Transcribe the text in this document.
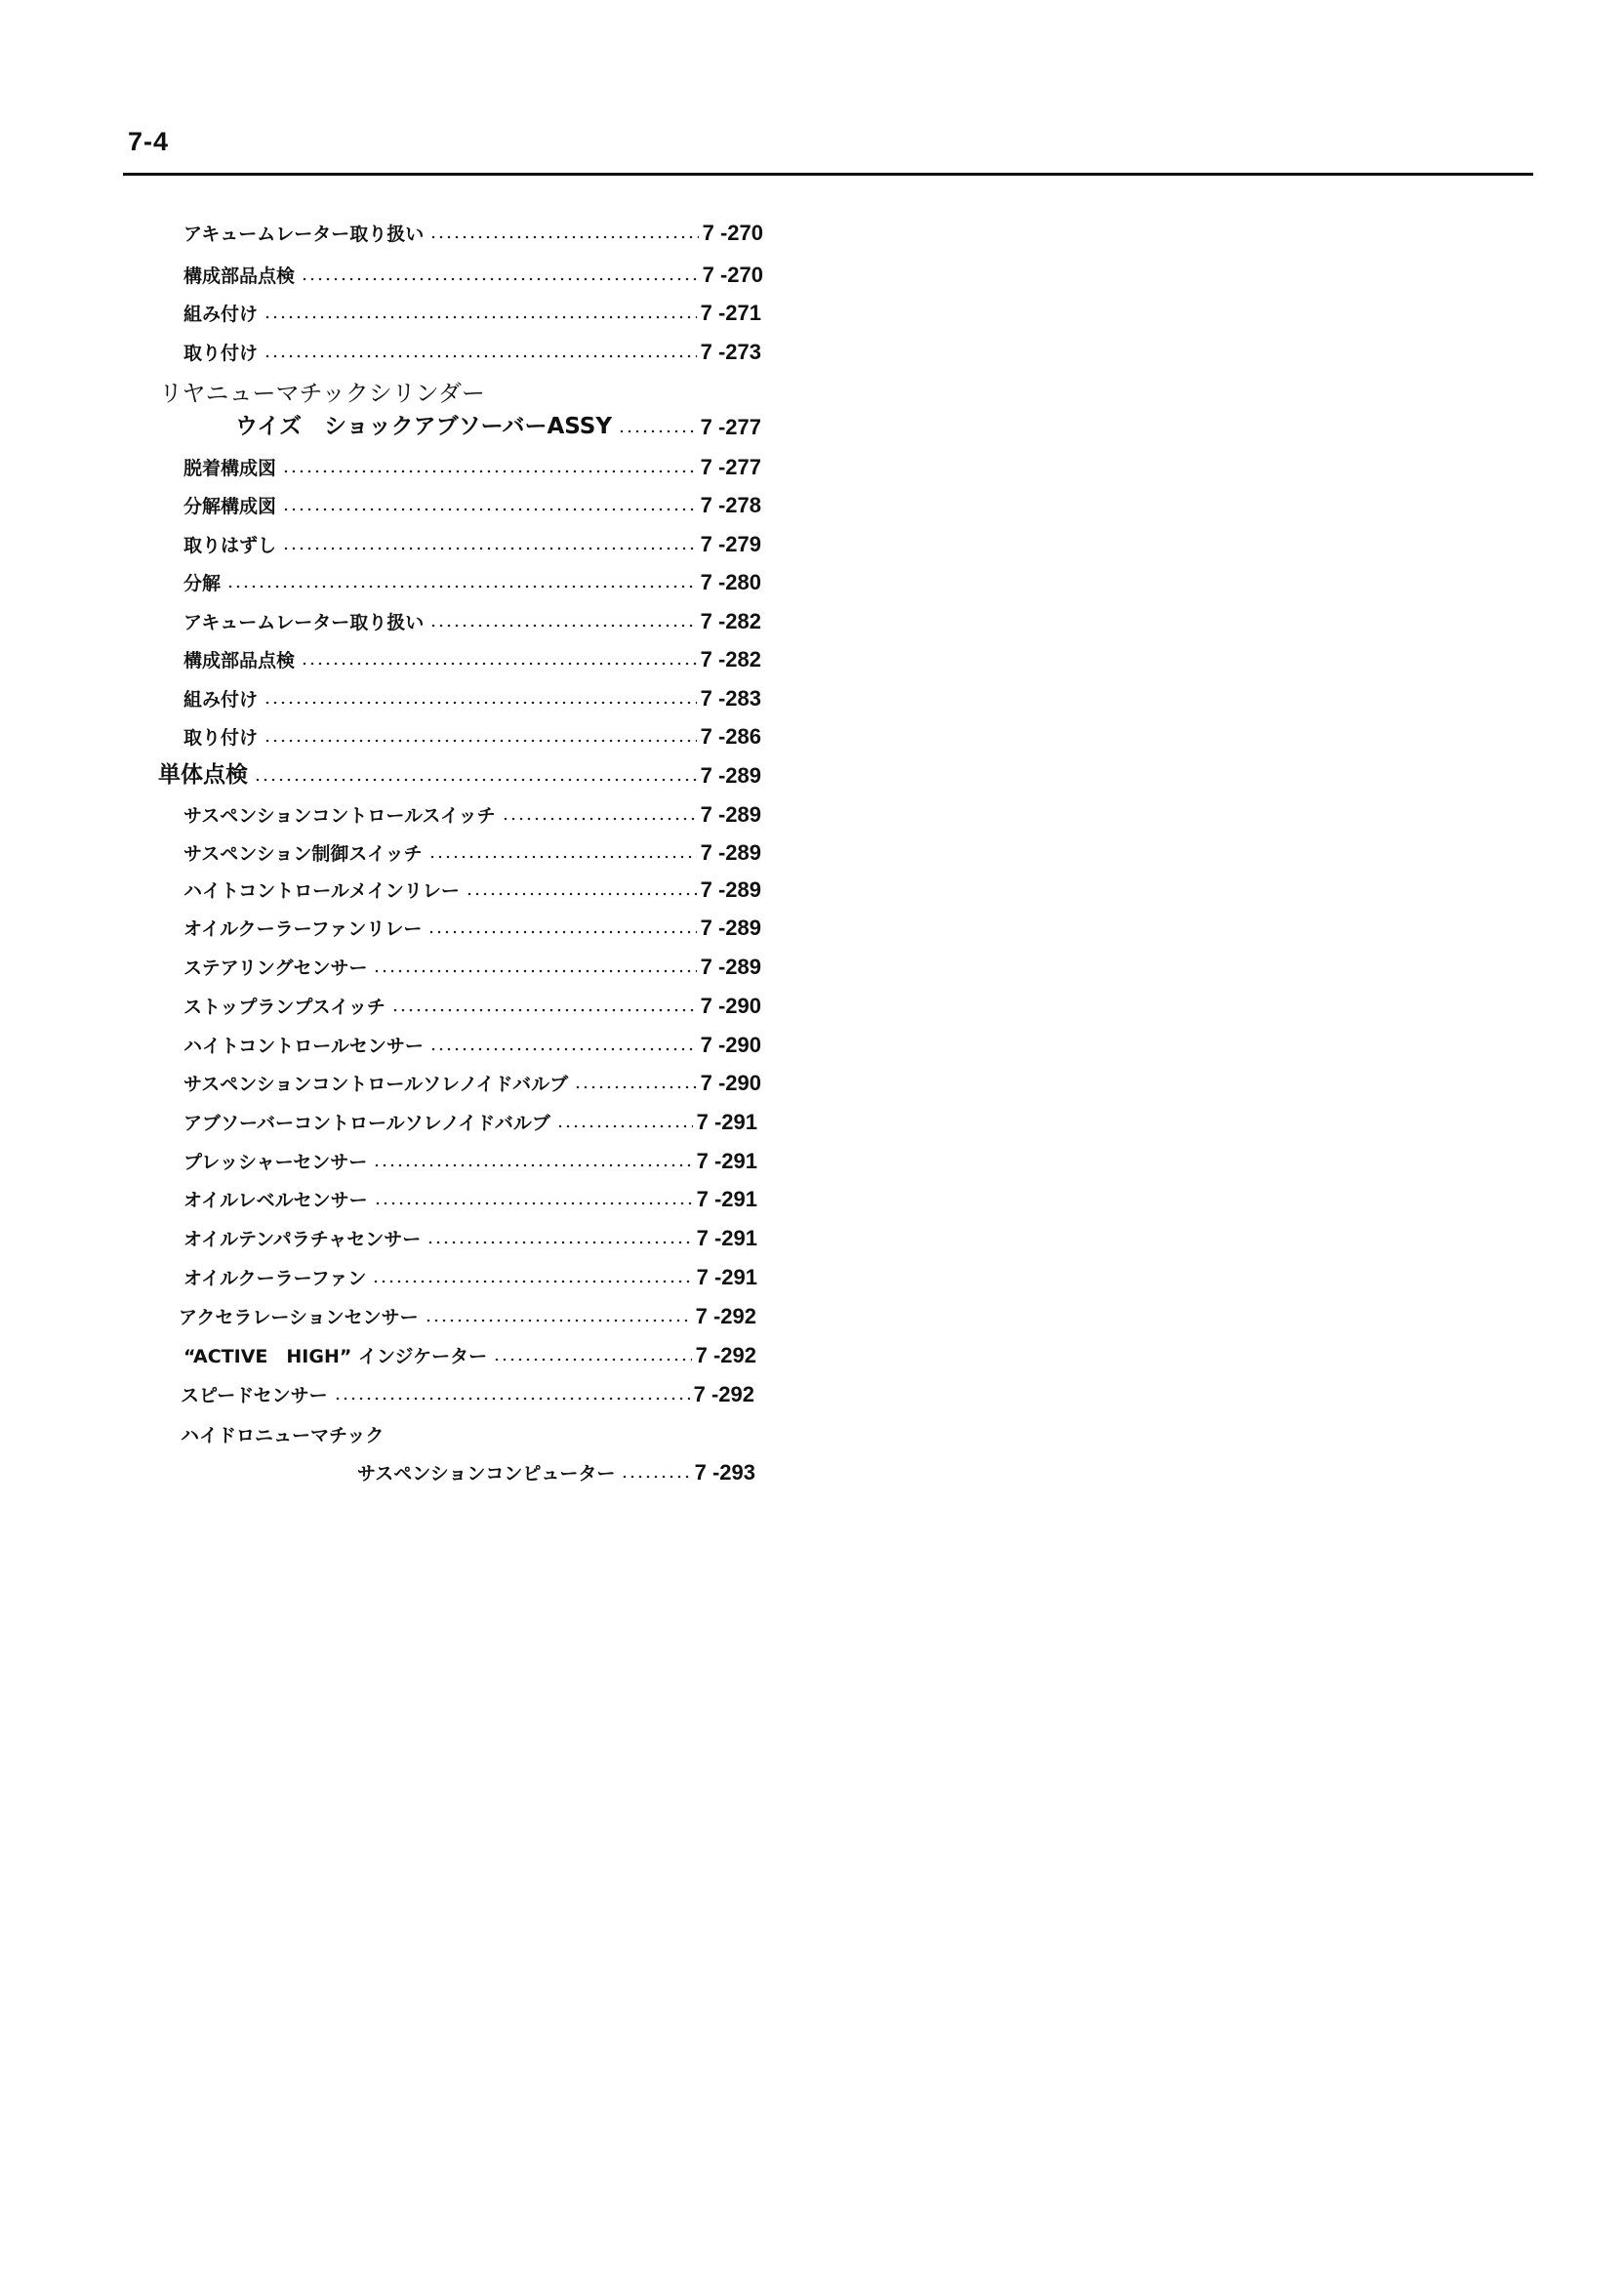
7-4
アキュームレーター取り扱い	7 -270
構成部品点検	7 -270
組み付け	7 -271
取り付け	7 -273
リヤニューマチックシリンダー
ウイズ　ショックアブソーバーASSY	7 -277
脱着構成図	7 -277
分解構成図	7 -278
取りはずし	7 -279
分解	7 -280
アキュームレーター取り扱い	7 -282
構成部品点検	7 -282
組み付け	7 -283
取り付け	7 -286
単体点検	7 -289
サスペンションコントロールスイッチ	7 -289
サスペンション制御スイッチ	7 -289
ハイトコントロールメインリレー	7 -289
オイルクーラーファンリレー	7 -289
ステアリングセンサー	7 -289
ストップランプスイッチ	7 -290
ハイトコントロールセンサー	7 -290
サスペンションコントロールソレノイドバルブ	7 -290
アブソーバーコントロールソレノイドバルブ	7 -291
プレッシャーセンサー	7 -291
オイルレベルセンサー	7 -291
オイルテンパラチャセンサー	7 -291
オイルクーラーファン	7 -291
アクセラレーションセンサー	7 -292
“ACTIVE　HIGH” インジケーター	7 -292
スピードセンサー	7 -292
ハイドロニューマチック
サスペンションコンピューター	7 -293
